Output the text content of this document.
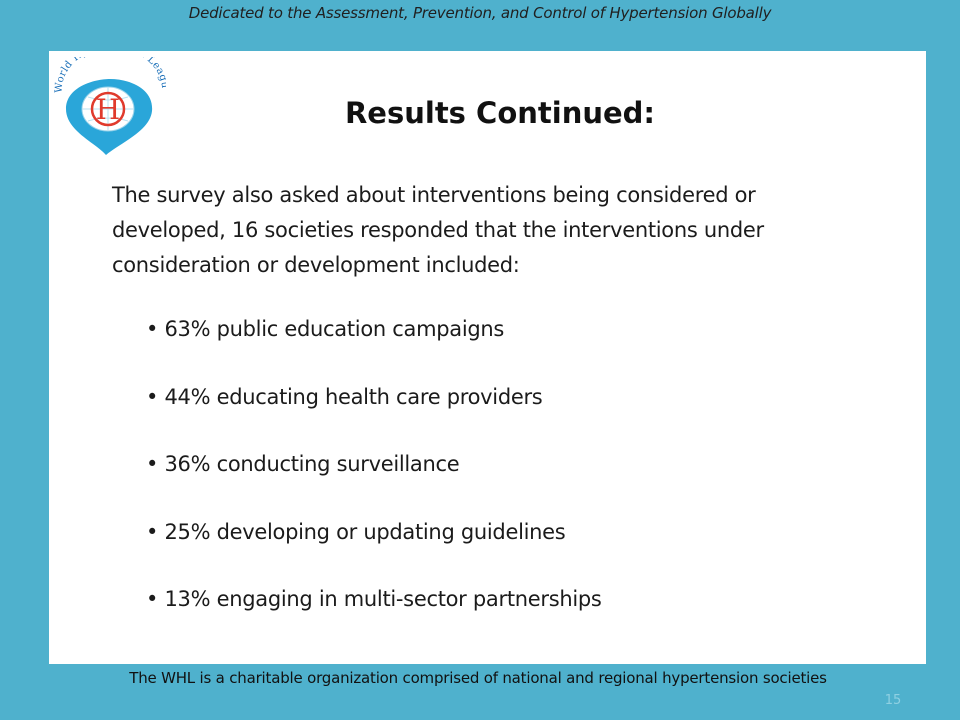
Dedicated to the Assessment, Prevention, and Control of Hypertension Globally
World Lea
H	Results Continued:
The survey also asked about interventions being considered or developed, 16 societies responded that the interventions under consideration or development included:
• 63% public education campaigns
• 44% educating health care providers
• 36% conducting surveillance
• 25% developing or updating guidelines
• 13% engaging in multi-sector partnerships
The WHL is a charitable organization comprised of national and regional hypertension societies
15
